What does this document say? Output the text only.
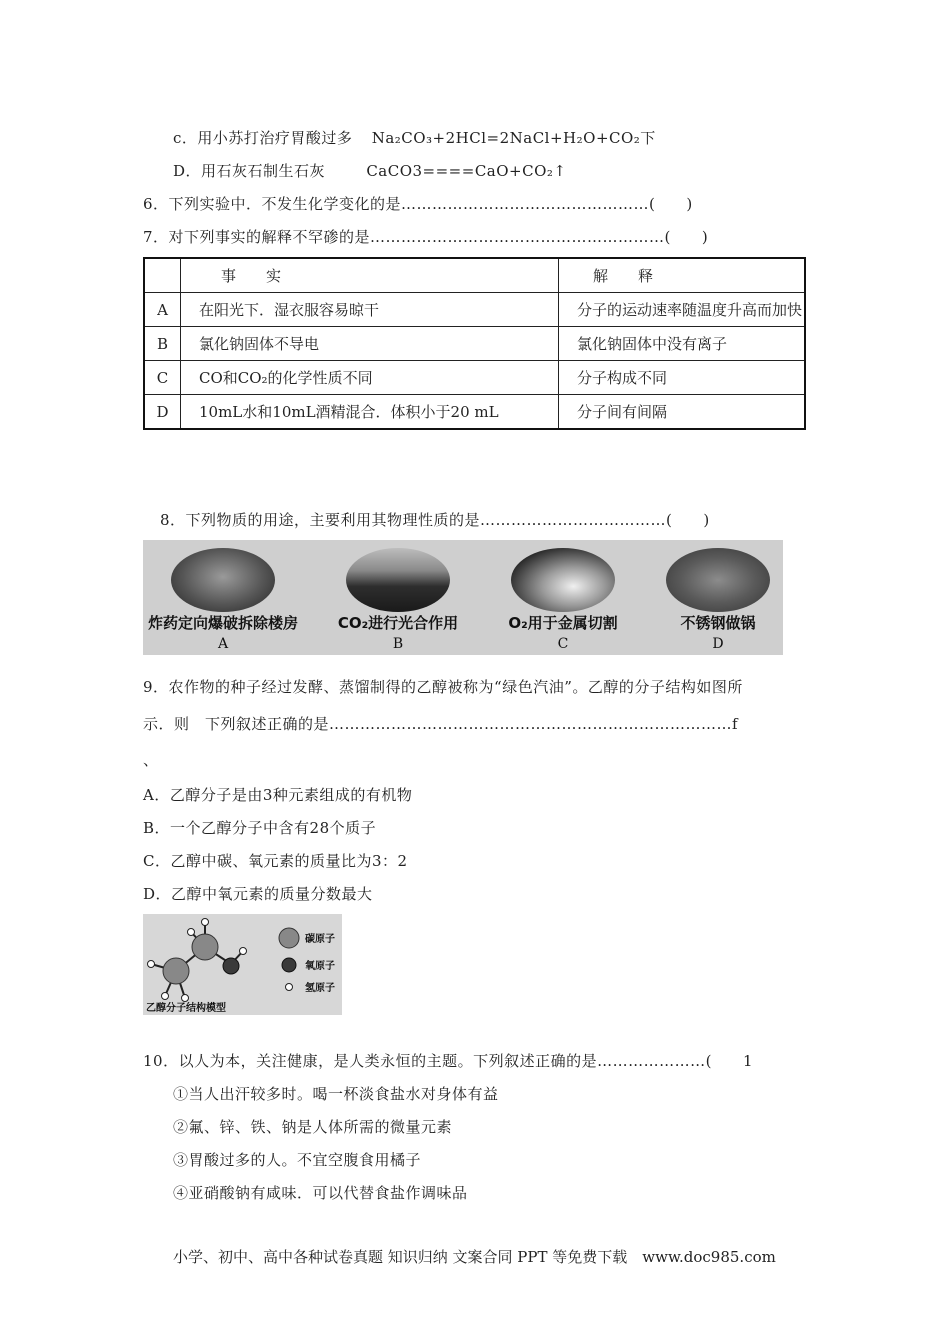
c．用小苏打治疗胃酸过多 Na₂CO₃+2HCl=2NaCl+H₂O+CO₂下
D．用石灰石制生石灰	CaCO3====CaO+CO₂↑
6．下列实验中．不发生化学变化的是…………………………………………(　　)
7．对下列事实的解释不罕碜的是…………………………………………………(　　)
	事　　实	解　　释
A	在阳光下．湿衣服容易晾干	分子的运动速率随温度升高而加快
B	氯化钠固体不导电	氯化钠固体中没有离子
C	CO和CO₂的化学性质不同	分子构成不同
D	10mL水和10mL酒精混合．体积小于20 mL	分子间有间隔
8．下列物质的用途，主要利用其物理性质的是………………………………(　　)
炸药定向爆破拆除楼房
A
CO₂进行光合作用
B
O₂用于金属切割
C
不锈钢做锅
D
9．农作物的种子经过发酵、蒸馏制得的乙醇被称为“绿色汽油”。乙醇的分子结构如图所
示．则　下列叙述正确的是……………………………………………………………………f
、
A．乙醇分子是由3种元素组成的有机物
B．一个乙醇分子中含有28个质子
C．乙醇中碳、氧元素的质量比为3：2
D．乙醇中氧元素的质量分数最大
碳原子
氧原子
氢原子
乙醇分子结构模型
10．以人为本，关注健康，是人类永恒的主题。下列叙述正确的是…………………(　　1
①当人出汗较多时。喝一杯淡食盐水对身体有益
②氟、锌、铁、钠是人体所需的微量元素
③胃酸过多的人。不宜空腹食用橘子
④亚硝酸钠有咸味．可以代替食盐作调味品
小学、初中、高中各种试卷真题 知识归纳 文案合同 PPT 等免费下载　www.doc985.com
